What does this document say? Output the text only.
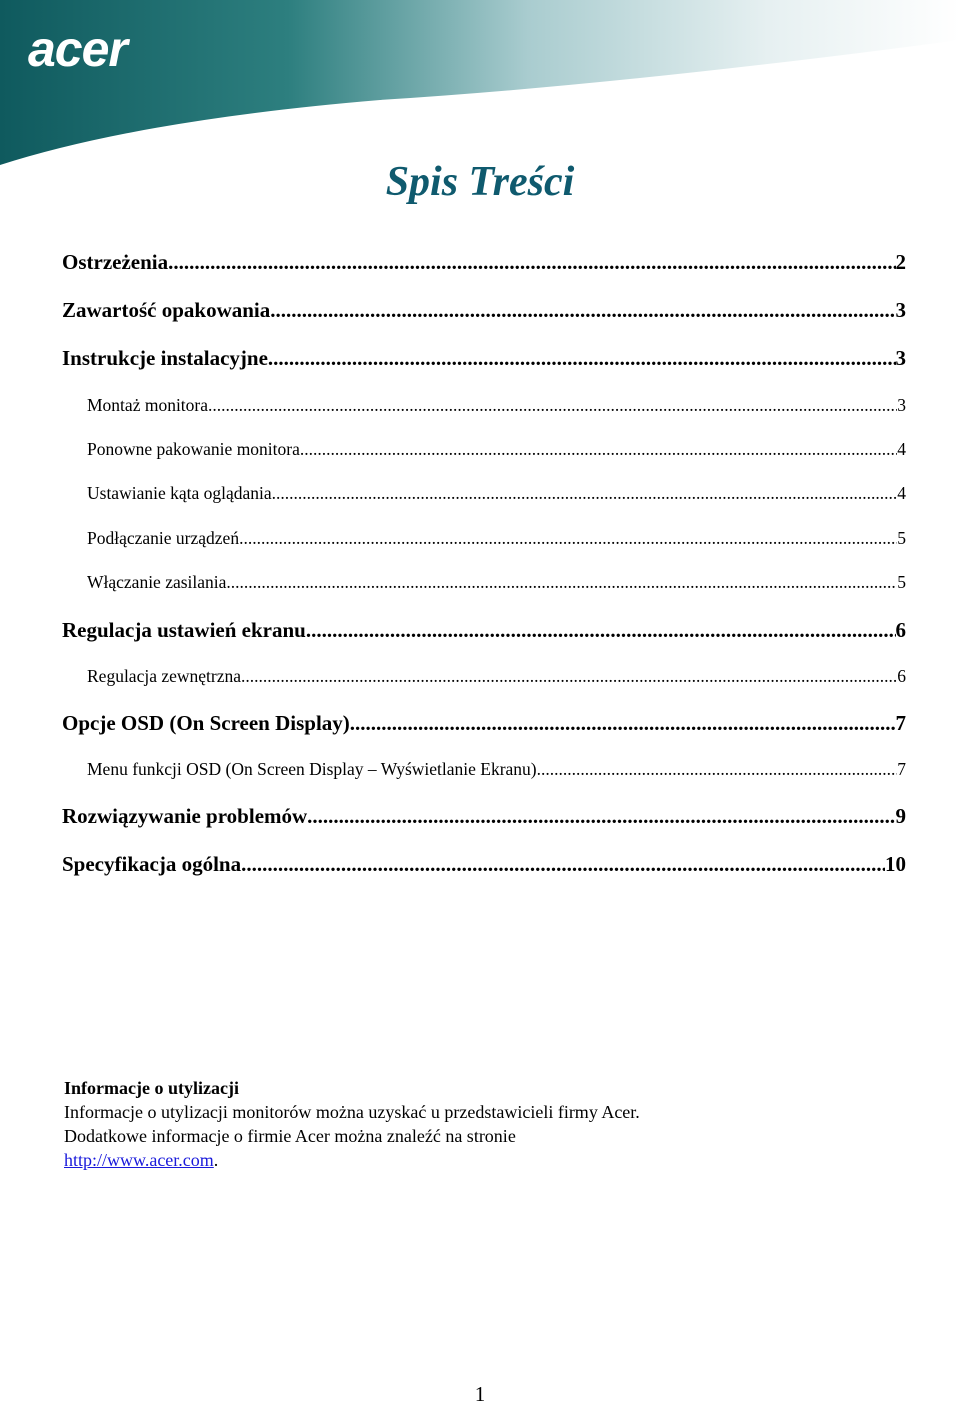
acer
Spis Treści
Ostrzeżenia .....	2
Zawartość opakowania .....	3
Instrukcje instalacyjne .....	3
Montaż monitora .....	3
Ponowne pakowanie monitora .....	4
Ustawianie kąta oglądania .....	4
Podłączanie urządzeń .....	5
Włączanie zasilania .....	5
Regulacja ustawień ekranu .....	6
Regulacja zewnętrzna .....	6
Opcje OSD (On Screen Display) .....	7
Menu funkcji OSD (On Screen Display – Wyświetlanie Ekranu) .....	7
Rozwiązywanie problemów .....	9
Specyfikacja ogólna .....	10
Informacje o utylizacji
Informacje o utylizacji monitorów można uzyskać u przedstawicieli firmy Acer.
Dodatkowe informacje o firmie Acer można znaleźć na stronie
http://www.acer.com.
1
